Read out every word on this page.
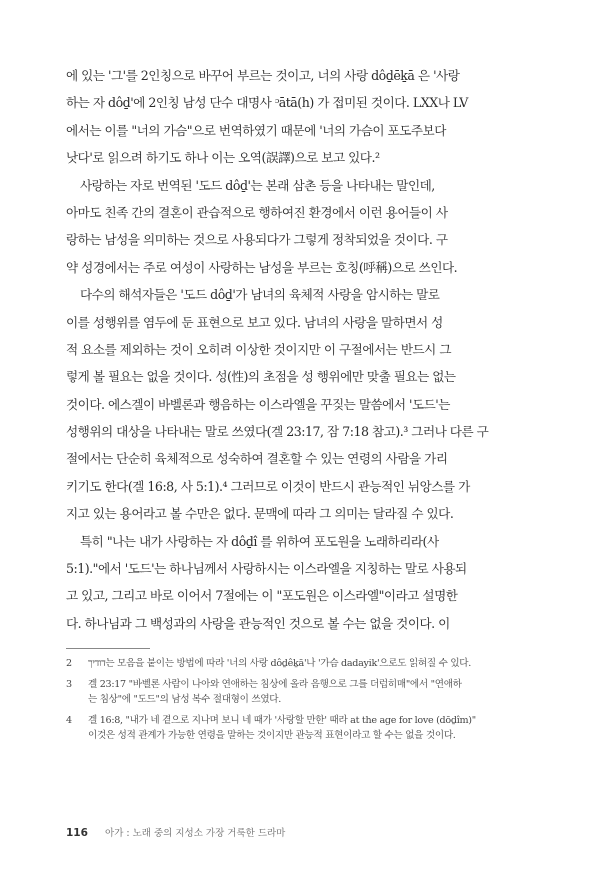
에 있는 '그'를 2인칭으로 바꾸어 부르는 것이고, 너의 사랑 dôḏēḵā 은 '사랑

하는 자 dôḏ'에 2인칭 남성 단수 대명사 ᵓātā(h) 가 접미된 것이다. LXX나 LV

에서는 이를 "너의 가슴"으로 번역하였기 때문에 '너의 가슴이 포도주보다

낫다'로 읽으려 하기도 하나 이는 오역(誤譯)으로 보고 있다.²

사랑하는 자로 번역된 '도드 dôḏ'는 본래 삼촌 등을 나타내는 말인데,

아마도 친족 간의 결혼이 관습적으로 행하여진 환경에서 이런 용어들이 사

랑하는 남성을 의미하는 것으로 사용되다가 그렇게 정착되었을 것이다. 구

약 성경에서는 주로 여성이 사랑하는 남성을 부르는 호칭(呼稱)으로 쓰인다.

다수의 해석자들은 '도드 dôḏ'가 남녀의 육체적 사랑을 암시하는 말로

이를 성행위를 염두에 둔 표현으로 보고 있다. 남녀의 사랑을 말하면서 성

적 요소를 제외하는 것이 오히려 이상한 것이지만 이 구절에서는 반드시 그

렇게 볼 필요는 없을 것이다. 성(性)의 초점을 성 행위에만 맞출 필요는 없는

것이다. 에스겔이 바벨론과 행음하는 이스라엘을 꾸짖는 말씀에서 '도드'는

성행위의 대상을 나타내는 말로 쓰였다(겔 23:17, 잠 7:18 참고).³ 그러나 다른 구

절에서는 단순히 육체적으로 성숙하여 결혼할 수 있는 연령의 사람을 가리

키기도 한다(겔 16:8, 사 5:1).⁴ 그러므로 이것이 반드시 관능적인 뉘앙스를 가

지고 있는 용어라고 볼 수만은 없다. 문맥에 따라 그 의미는 달라질 수 있다.

특히 "나는 내가 사랑하는 자 dôḏî 를 위하여 포도원을 노래하리라(사

5:1)."에서 '도드'는 하나님께서 사랑하시는 이스라엘을 지칭하는 말로 사용되

고 있고, 그리고 바로 이어서 7절에는 이 "포도원은 이스라엘"이라고 설명한

다. 하나님과 그 백성과의 사랑을 관능적인 것으로 볼 수는 없을 것이다. 이

2 דודיך는 모음을 붙이는 방법에 따라 '너의 사랑 dôḏêḵā'나 '가슴 dadayik'으로도 읽혀질 수 있다.

3 겔 23:17 "바벨론 사람이 나아와 연애하는 침상에 올라 음행으로 그를 더럽히매"에서 "연애하

는 침상"에 "도드"의 남성 복수 절대형이 쓰였다.

4 겔 16:8, "내가 네 곁으로 지나며 보니 네 때가 '사랑할 만한' 때라 at the age for love (dōḏîm)"

이것은 성적 관계가 가능한 연령을 말하는 것이지만 관능적 표현이라고 할 수는 없을 것이다.

116 아가 : 노래 중의 지성소 가장 거룩한 드라마
